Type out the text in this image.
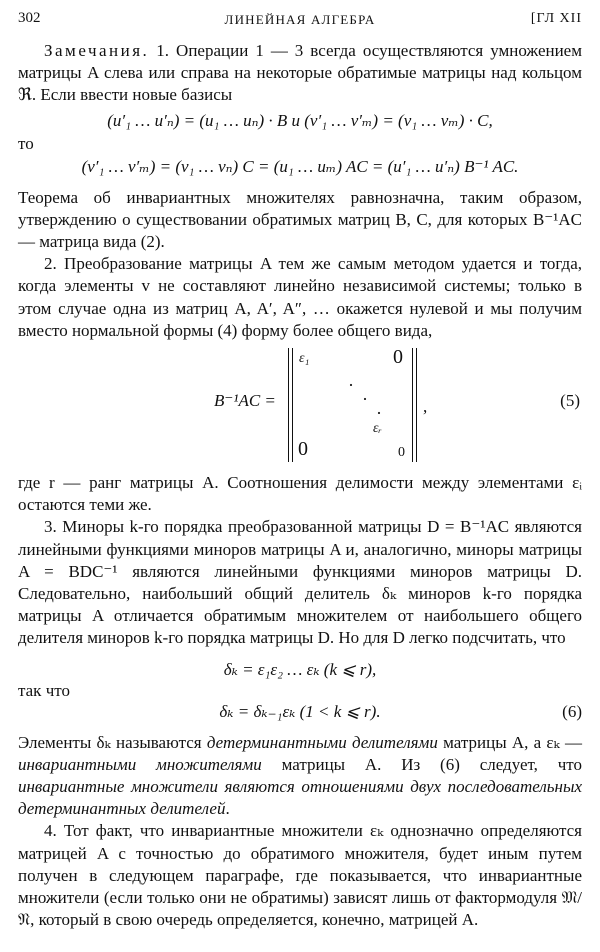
302	ЛИНЕЙНАЯ АЛГЕБРА	[ГЛ XII

Замечания. 1. Операции 1 — 3 всегда осуществляются умножением матрицы A слева или справа на некоторые обратимые матрицы над кольцом ℜ. Если ввести новые базисы

(u′₁ … u′ₙ) = (u₁ … uₙ) · B и (v′₁ … v′ₘ) = (v₁ … vₘ) · C,
то
(v′₁ … v′ₘ) = (v₁ … vₙ) C = (u₁ … uₘ) AC = (u′₁ … u′ₙ) B⁻¹ AC.

Теорема об инвариантных множителях равнозначна, таким образом, утверждению о существовании обратимых матриц B, C, для которых B⁻¹AC — матрица вида (2).

2. Преобразование матрицы A тем же самым методом удается и тогда, когда элементы v не составляют линейно независимой системы; только в этом случае одна из матриц A, A′, A″, … окажется нулевой и мы получим вместо нормальной формы (4) форму более общего вида,

B⁻¹AC =
ε₁	0
·
·
·
εᵣ
0	0
,	(5)

где r — ранг матрицы A. Соотношения делимости между элементами εᵢ остаются теми же.

3. Миноры k-го порядка преобразованной матрицы D = B⁻¹AC являются линейными функциями миноров матрицы A и, аналогично, миноры матрицы A = BDC⁻¹ являются линейными функциями миноров матрицы D. Следовательно, наибольший общий делитель δₖ миноров k-го порядка матрицы A отличается обратимым множителем от наибольшего общего делителя миноров k-го порядка матрицы D. Но для D легко подсчитать, что

δₖ = ε₁ε₂ … εₖ (k ⩽ r),
так что
δₖ = δₖ₋₁εₖ (1 < k ⩽ r).	(6)

Элементы δₖ называются детерминантными делителями матрицы A, а εₖ — инвариантными множителями матрицы A. Из (6) следует, что инвариантные множители являются отношениями двух последовательных детерминантных делителей.

4. Тот факт, что инвариантные множители εₖ однозначно определяются матрицей A с точностью до обратимого множителя, будет иным путем получен в следующем параграфе, где показывается, что инвариантные множители (если только они не обратимы) зависят лишь от фактормодуля 𝔐/𝔑, который в свою очередь определяется, конечно, матрицей A.
